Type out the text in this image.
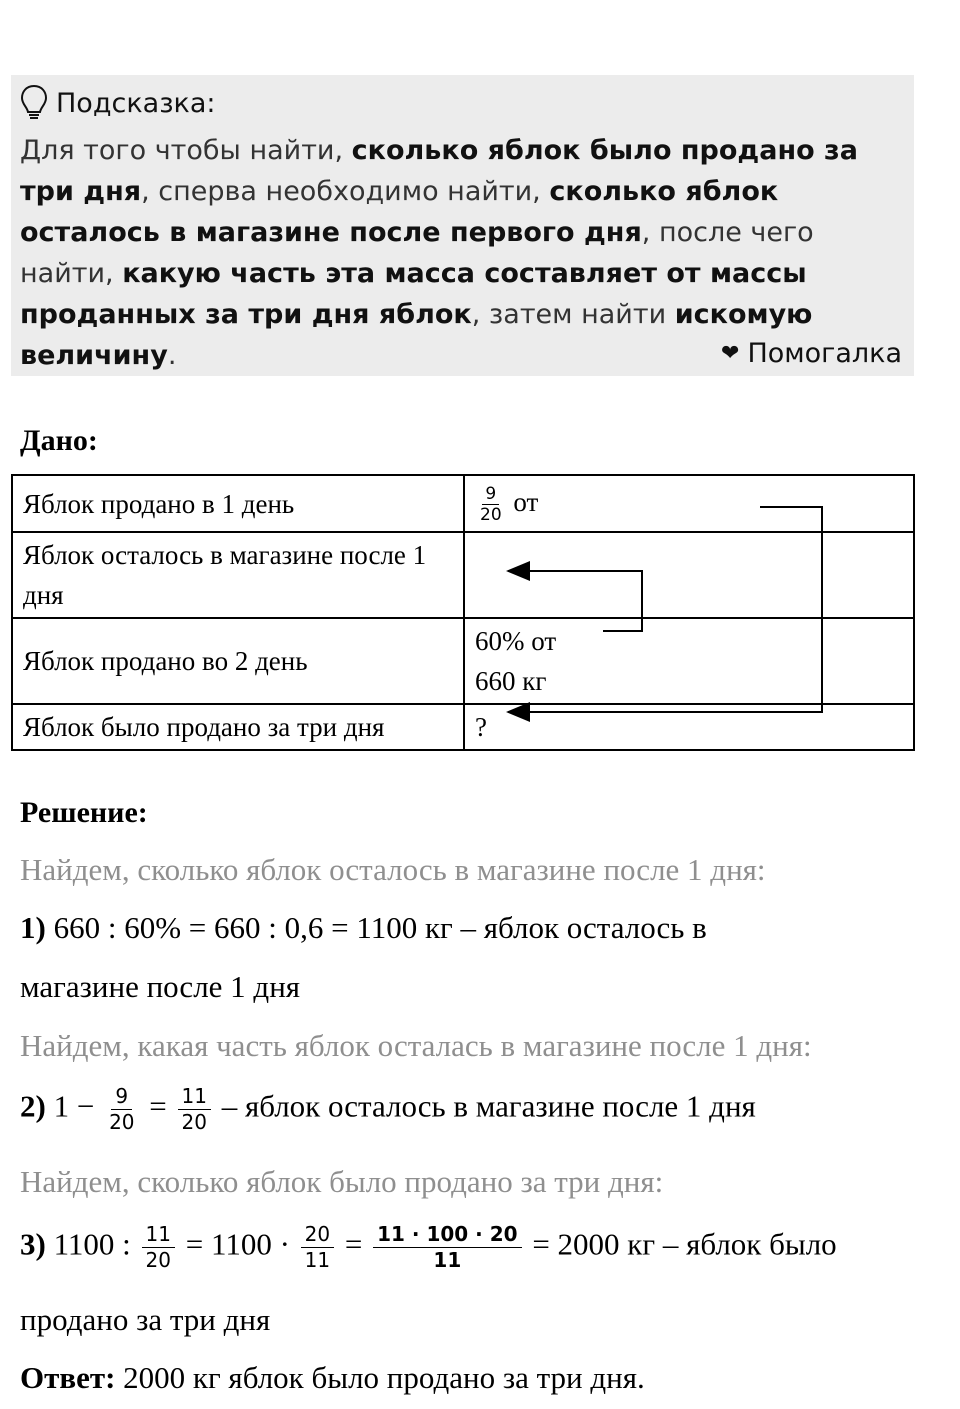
Подсказка:
Для того чтобы найти, сколько яблок было продано за три дня, сперва необходимо найти, сколько яблок осталось в магазине после первого дня, после чего найти, какую часть эта масса составляет от массы проданных за три дня яблок, затем найти искомую величину.	❤ Помогалка
Дано:
Яблок продано в 1 день	$\frac{9}{20}$ от
Яблок осталось в магазине после 1 дня	
Яблок продано во 2 день	60% от 660 кг
Яблок было продано за три дня	?
Решение:
Найдем, сколько яблок осталось в магазине после 1 дня:
1) 660 : 60% = 660 : 0,6 = 1100 кг – яблок осталось в
магазине после 1 дня
Найдем, какая часть яблок осталась в магазине после 1 дня:
2) $1 - \frac{9}{20} = \frac{11}{20}$ – яблок осталось в магазине после 1 дня
Найдем, сколько яблок было продано за три дня:
3) 1100 : $\frac{11}{20} = 1100 \cdot \frac{20}{11} = \frac{11 \cdot 100 \cdot 20}{11} = 2000$ кг – яблок было
продано за три дня
Ответ: 2000 кг яблок было продано за три дня.
